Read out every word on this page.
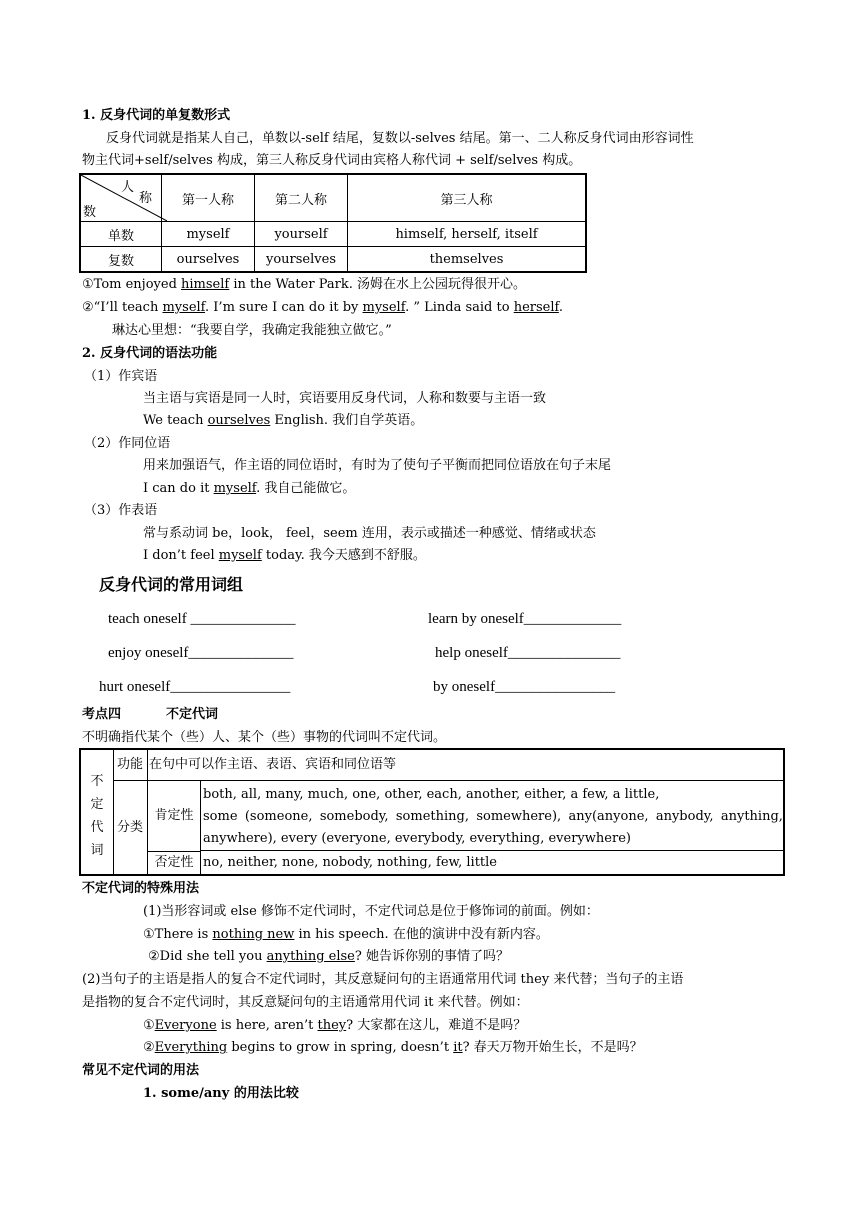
1. 反身代词的单复数形式
反身代词就是指某人自己，单数以-self 结尾，复数以-selves 结尾。第一、二人称反身代词由形容词性
物主代词+self/selves 构成，第三人称反身代词由宾格人称代词 + self/selves 构成。
人
称
数	第一人称	第二人称	第三人称
单数	myself	yourself	himself, herself, itself
复数	ourselves	yourselves	themselves
①Tom enjoyed himself in the Water Park. 汤姆在水上公园玩得很开心。
②“I’ll teach myself. I’m sure I can do it by myself. ” Linda said to herself.
琳达心里想：“我要自学，我确定我能独立做它。”
2. 反身代词的语法功能
（1）作宾语
当主语与宾语是同一人时，宾语要用反身代词，人称和数要与主语一致
We teach ourselves English. 我们自学英语。
（2）作同位语
用来加强语气，作主语的同位语时，有时为了使句子平衡而把同位语放在句子末尾
I can do it myself. 我自己能做它。
（3）作表语
常与系动词 be，look， feel，seem 连用，表示或描述一种感觉、情绪或状态
I don’t feel myself today. 我今天感到不舒服。
反身代词的常用词组
teach oneself ______________	learn by oneself_____________
enjoy oneself______________	help oneself_______________
hurt oneself________________	by oneself________________
考点四	不定代词
不明确指代某个（些）人、某个（些）事物的代词叫不定代词。
不
定
代
词
功能 在句中可以作主语、表语、宾语和同位语等
分类
肯定性
both, all, many, much, one, other, each, another, either, a few, a little,
some (someone, somebody, something, somewhere), any(anyone, anybody, anything,
anywhere), every (everyone, everybody, everything, everywhere)
否定性 no, neither, none, nobody, nothing, few, little
不定代词的特殊用法
(1)当形容词或 else 修饰不定代词时，不定代词总是位于修饰词的前面。例如：
①There is nothing new in his speech. 在他的演讲中没有新内容。
②Did she tell you anything else? 她告诉你别的事情了吗？
(2)当句子的主语是指人的复合不定代词时，其反意疑问句的主语通常用代词 they 来代替；当句子的主语
是指物的复合不定代词时，其反意疑问句的主语通常用代词 it 来代替。例如：
①Everyone is here, aren’t they? 大家都在这儿，难道不是吗？
②Everything begins to grow in spring, doesn’t it? 春天万物开始生长，不是吗？
常见不定代词的用法
1. some/any 的用法比较
